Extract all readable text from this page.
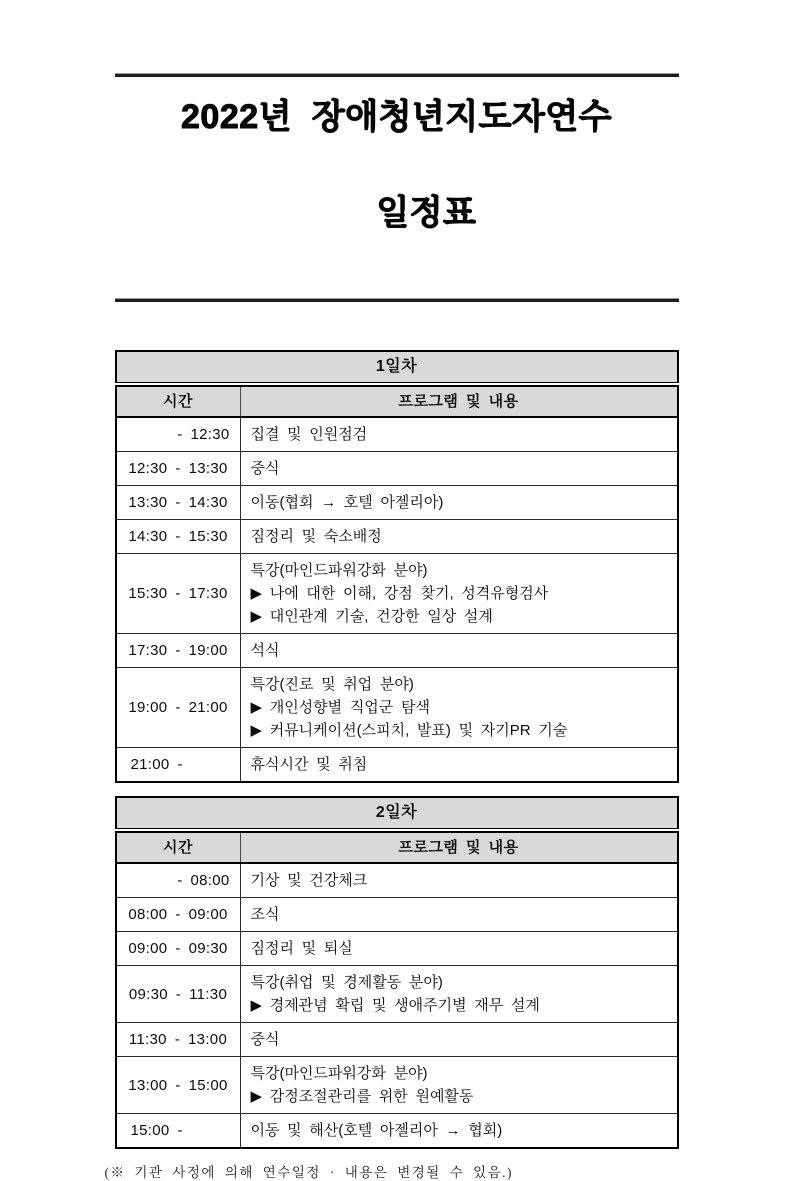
2022년  장애청년지도자연수

일정표

1일차
시간	프로그램 및 내용
- 12:30	집결 및 인원점검

12:30 - 13:30	중식

13:30 - 14:30	이동(협회 → 호텔 아젤리아)

14:30 - 15:30	짐정리 및 숙소배정

15:30 - 17:30	특강(마인드파워강화 분야)
▶ 나에 대한 이해, 강점 찾기, 성격유형검사
▶ 대인관계 기술, 건강한 일상 설계

17:30 - 19:00	석식

19:00 - 21:00	특강(진로 및 취업 분야)
▶ 개인성향별 직업군 탐색
▶ 커뮤니케이션(스피치, 발표) 및 자기PR 기술

21:00 -	휴식시간 및 취침
2일차
시간	프로그램 및 내용
- 08:00	기상 및 건강체크

08:00 - 09:00	조식

09:00 - 09:30	짐정리 및 퇴실

09:30 - 11:30	특강(취업 및 경제활동 분야)
▶ 경제관념 확립 및 생애주기별 재무 설계

11:30 - 13:00	중식

13:00 - 15:00	특강(마인드파워강화 분야)
▶ 감정조절관리를 위한 원예활동

15:00 -	이동 및 해산(호텔 아젤리아 → 협회)

(※ 기관 사정에 의해 연수일정 · 내용은 변경될 수 있음.)
